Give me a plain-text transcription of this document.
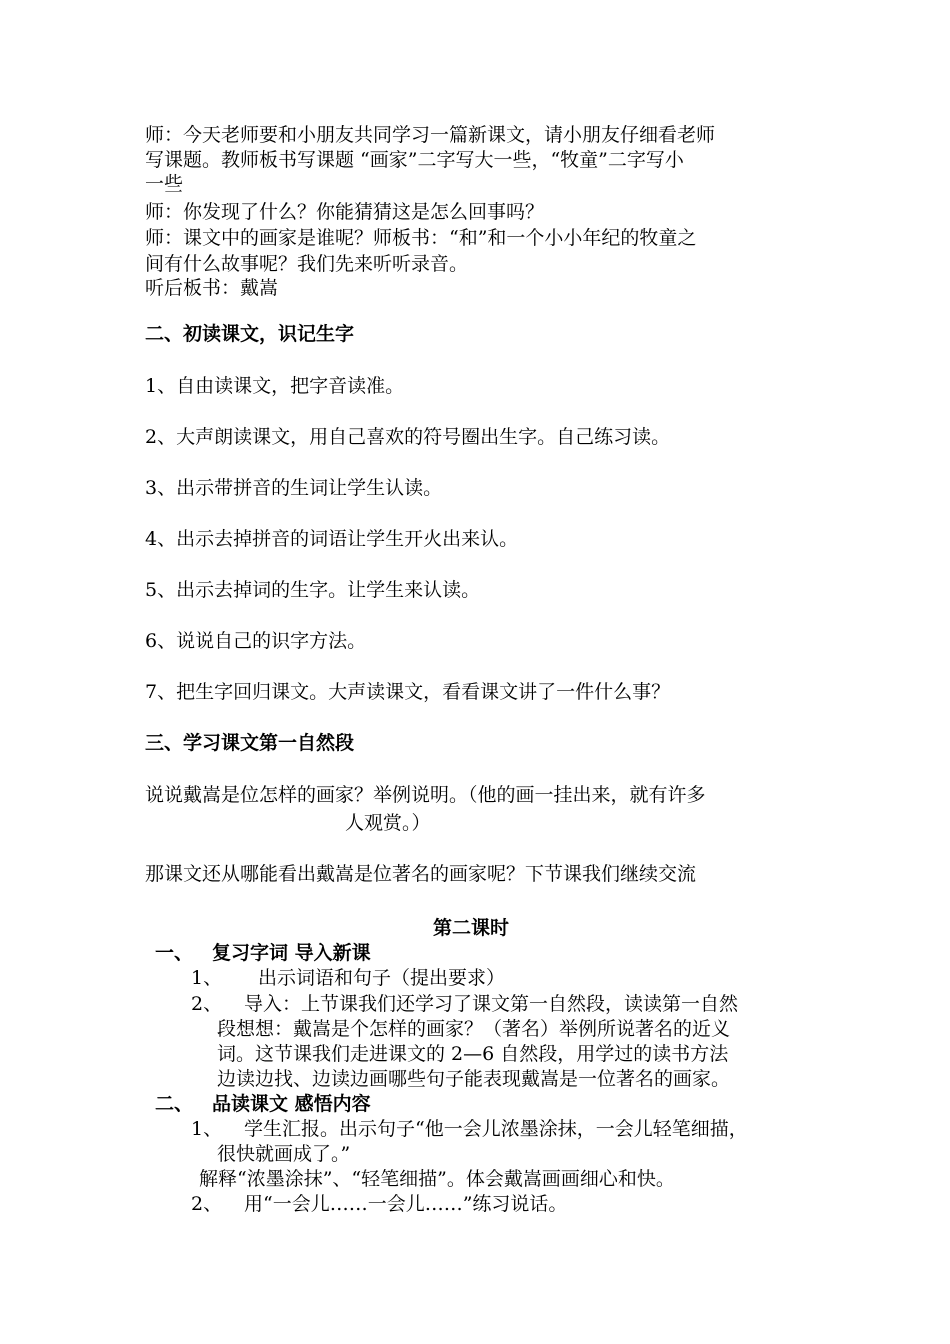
师：今天老师要和小朋友共同学习一篇新课文，请小朋友仔细看老师
写课题。教师板书写课题 “画家”二字写大一些，“牧童”二字写小
一些
师：你发现了什么？你能猜猜这是怎么回事吗？
师：课文中的画家是谁呢？师板书：“和”和一个小小年纪的牧童之
间有什么故事呢？我们先来听听录音。
听后板书：戴嵩
二、初读课文，识记生字
1、自由读课文，把字音读准。
2、大声朗读课文，用自己喜欢的符号圈出生字。自己练习读。
3、出示带拼音的生词让学生认读。
4、出示去掉拼音的词语让学生开火出来认。
5、出示去掉词的生字。让学生来认读。
6、说说自己的识字方法。
7、把生字回归课文。大声读课文，看看课文讲了一件什么事？
三、学习课文第一自然段
说说戴嵩是位怎样的画家？举例说明。（他的画一挂出来，就有许多
人观赏。）
那课文还从哪能看出戴嵩是位著名的画家呢？下节课我们继续交流
第二课时
一、 复习字词 导入新课
1、 出示词语和句子（提出要求）
2、 导入：上节课我们还学习了课文第一自然段，读读第一自然
段想想：戴嵩是个怎样的画家？（著名）举例所说著名的近义
词。这节课我们走进课文的 2—6 自然段，用学过的读书方法
边读边找、边读边画哪些句子能表现戴嵩是一位著名的画家。
二、 品读课文 感悟内容
1、 学生汇报。出示句子“他一会儿浓墨涂抹，一会儿轻笔细描，
很快就画成了。”
解释“浓墨涂抹”、“轻笔细描”。体会戴嵩画画细心和快。
2、 用“一会儿……一会儿……”练习说话。
